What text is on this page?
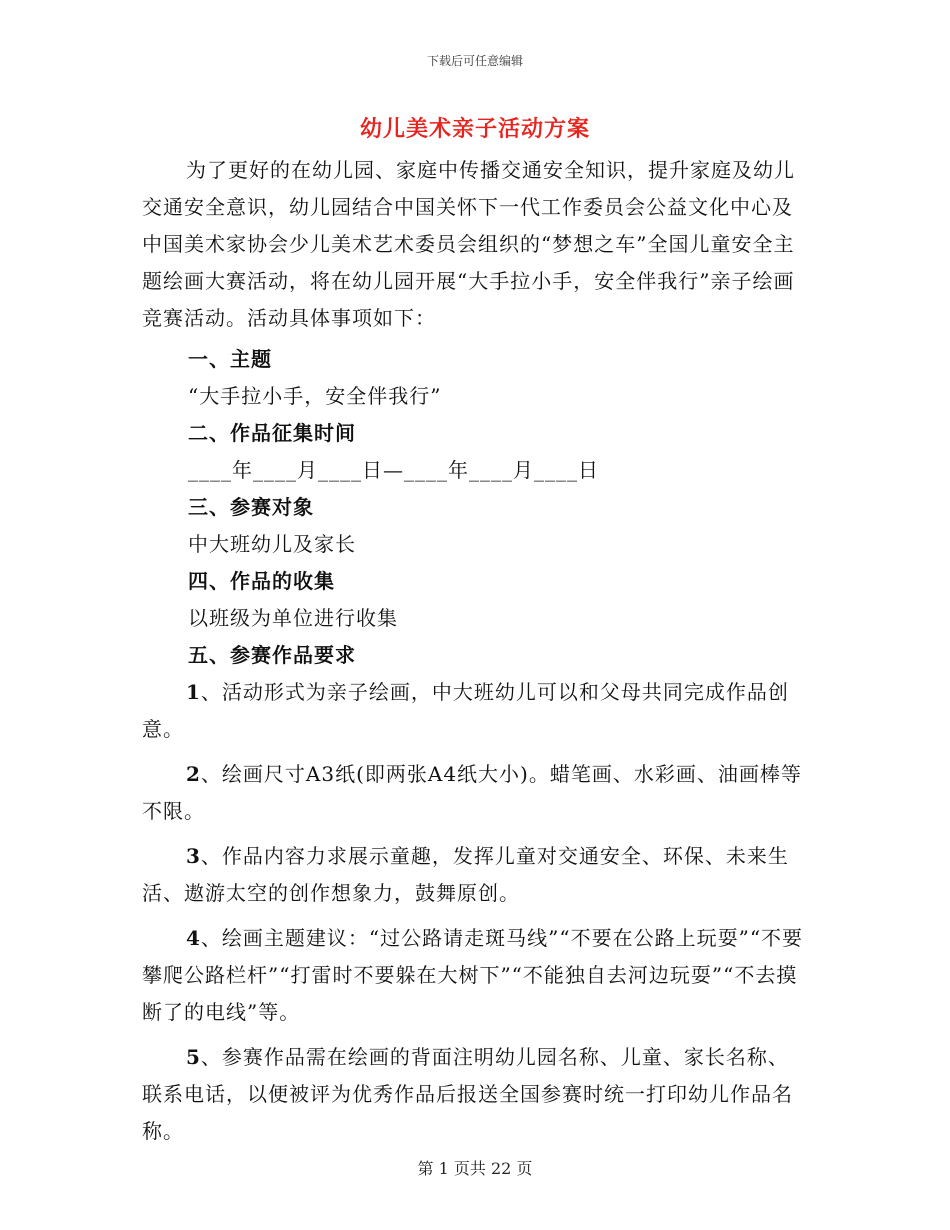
下载后可任意编辑
幼儿美术亲子活动方案

为了更好的在幼儿园、家庭中传播交通安全知识，提升家庭及幼儿交通安全意识，幼儿园结合中国关怀下一代工作委员会公益文化中心及中国美术家协会少儿美术艺术委员会组织的“梦想之车”全国儿童安全主题绘画大赛活动，将在幼儿园开展“大手拉小手，安全伴我行”亲子绘画竞赛活动。活动具体事项如下：

一、主题

“大手拉小手，安全伴我行”

二、作品征集时间

____年____月____日—____年____月____日

三、参赛对象

中大班幼儿及家长

四、作品的收集

以班级为单位进行收集

五、参赛作品要求

1、活动形式为亲子绘画，中大班幼儿可以和父母共同完成作品创意。

2、绘画尺寸A3纸(即两张A4纸大小)。蜡笔画、水彩画、油画棒等不限。

3、作品内容力求展示童趣，发挥儿童对交通安全、环保、未来生活、遨游太空的创作想象力，鼓舞原创。

4、绘画主题建议：“过公路请走斑马线”“不要在公路上玩耍”“不要攀爬公路栏杆”“打雷时不要躲在大树下”“不能独自去河边玩耍”“不去摸断了的电线”等。

5、参赛作品需在绘画的背面注明幼儿园名称、儿童、家长名称、联系电话，以便被评为优秀作品后报送全国参赛时统一打印幼儿作品名称。

第 1 页共 22 页
